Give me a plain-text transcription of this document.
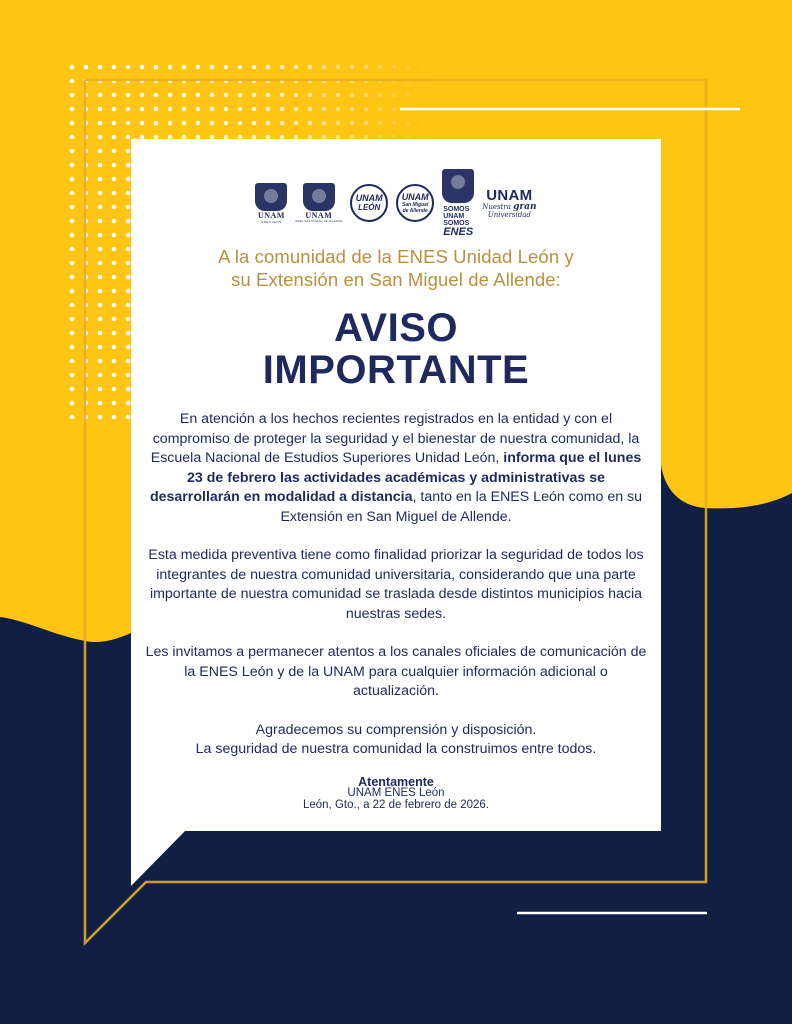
UNAM
ENES LEÓN
UNAM
ENES SAN MIGUEL DE ALLENDE
UNAM
LEÓN
UNAM
San Miguel
de Allende SOMOS
UNAM
SOMOS
ENES
UNAM
Nuestra gran
Universidad
A la comunidad de la ENES Unidad León y
su Extensión en San Miguel de Allende:
AVISO
IMPORTANTE

En atención a los hechos recientes registrados en la entidad y con el compromiso de proteger la seguridad y el bienestar de nuestra comunidad, la Escuela Nacional de Estudios Superiores Unidad León, informa que el lunes 23 de febrero las actividades académicas y administrativas se desarrollarán en modalidad a distancia, tanto en la ENES León como en su Extensión en San Miguel de Allende.

Esta medida preventiva tiene como finalidad priorizar la seguridad de todos los integrantes de nuestra comunidad universitaria, considerando que una parte importante de nuestra comunidad se traslada desde distintos municipios hacia nuestras sedes.

Les invitamos a permanecer atentos a los canales oficiales de comunicación de la ENES León y de la UNAM para cualquier información adicional o actualización.

Agradecemos su comprensión y disposición.
La seguridad de nuestra comunidad la construimos entre todos.

Atentamente
UNAM ENES León
León, Gto., a 22 de febrero de 2026.
